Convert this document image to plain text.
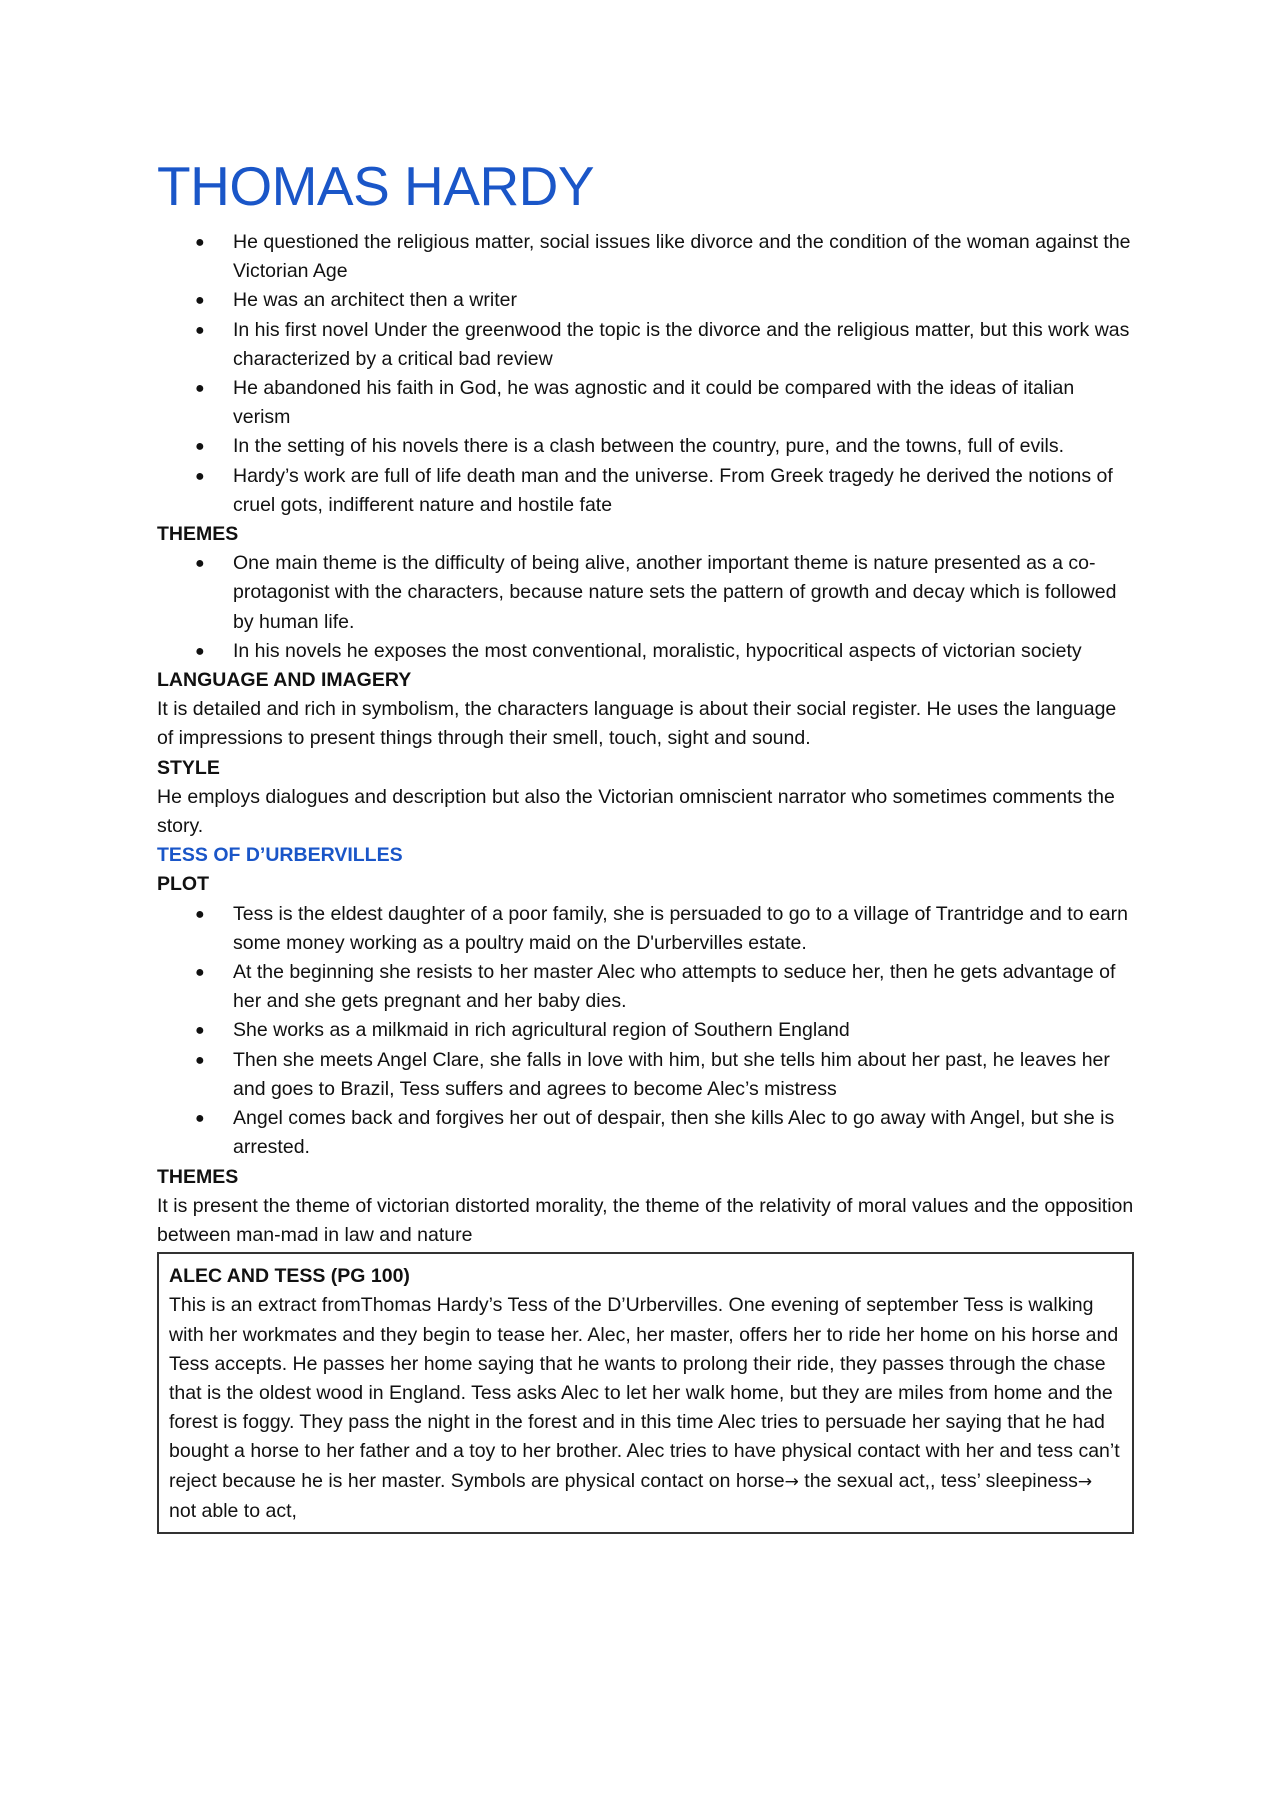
THOMAS HARDY
● He questioned the religious matter, social issues like divorce and the condition of the woman against the Victorian Age
● He was an architect then a writer
● In his first novel Under the greenwood the topic is the divorce and the religious matter, but this work was characterized by a critical bad review
● He abandoned his faith in God, he was agnostic and it could be compared with the ideas of italian verism
● In the setting of his novels there is a clash between the country, pure, and the towns, full of evils.
● Hardy’s work are full of life death man and the universe. From Greek tragedy he derived the notions of cruel gots, indifferent nature and hostile fate
THEMES
● One main theme is the difficulty of being alive, another important theme is nature presented as a co-protagonist with the characters, because nature sets the pattern of growth and decay which is followed by human life.
● In his novels he exposes the most conventional, moralistic, hypocritical aspects of victorian society
LANGUAGE AND IMAGERY
It is detailed and rich in symbolism, the characters language is about their social register. He uses the language of impressions to present things through their smell, touch, sight and sound.
STYLE
He employs dialogues and description but also the Victorian omniscient narrator who sometimes comments the story.
TESS OF D’URBERVILLES
PLOT
● Tess is the eldest daughter of a poor family, she is persuaded to go to a village of Trantridge and to earn some money working as a poultry maid on the D'urbervilles estate.
● At the beginning she resists to her master Alec who attempts to seduce her, then he gets advantage of her and she gets pregnant and her baby dies.
● She works as a milkmaid in rich agricultural region of Southern England
● Then she meets Angel Clare, she falls in love with him, but she tells him about her past, he leaves her and goes to Brazil, Tess suffers and agrees to become Alec’s mistress
● Angel comes back and forgives her out of despair, then she kills Alec to go away with Angel, but she is arrested.
THEMES
It is present the theme of victorian distorted morality, the theme of the relativity of moral values and the opposition between man-mad in law and nature
ALEC AND TESS (PG 100)
This is an extract fromThomas Hardy’s Tess of the D’Urbervilles. One evening of september Tess is walking with her workmates and they begin to tease her. Alec, her master, offers her to ride her home on his horse and Tess accepts. He passes her home saying that he wants to prolong their ride, they passes through the chase that is the oldest wood in England. Tess asks Alec to let her walk home, but they are miles from home and the forest is foggy. They pass the night in the forest and in this time Alec tries to persuade her saying that he had bought a horse to her father and a toy to her brother. Alec tries to have physical contact with her and tess can’t reject because he is her master. Symbols are physical contact on horse→ the sexual act,, tess’ sleepiness→ not able to act,
